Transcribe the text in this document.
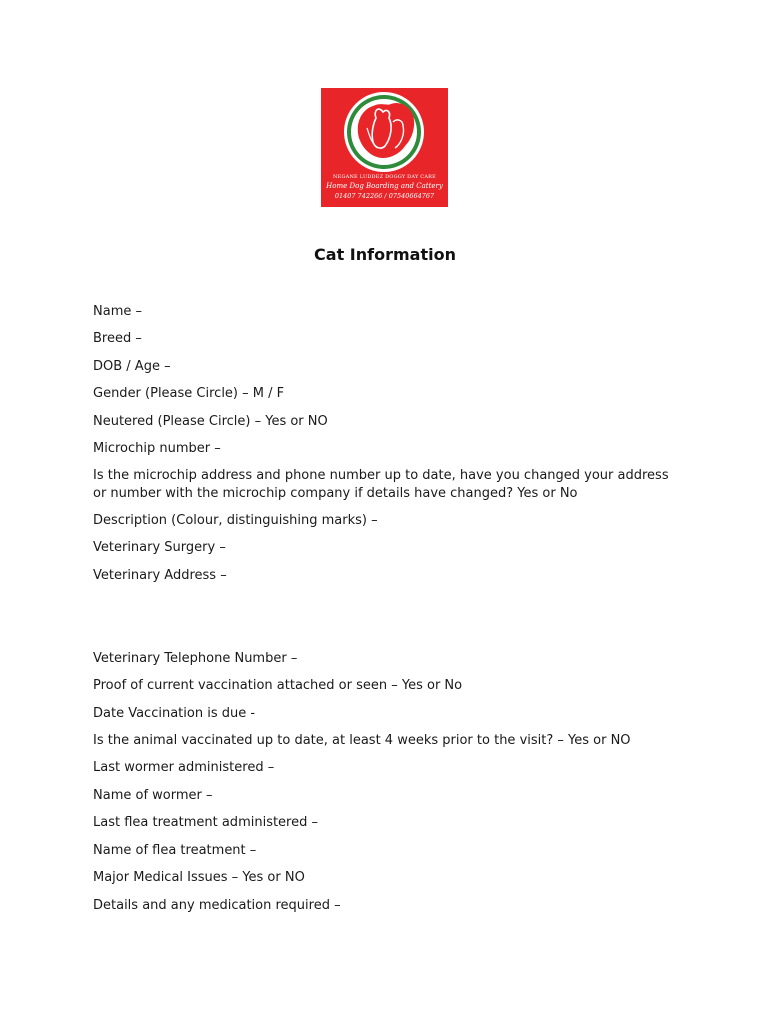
NEGANE LUDDEZ DOGGY DAY CARE
Home Dog Boarding and Cattery
01407 742266 / 07540664767
Cat Information
Name –
Breed –
DOB / Age –
Gender (Please Circle) – M / F
Neutered (Please Circle) – Yes or NO
Microchip number –
Is the microchip address and phone number up to date, have you changed your address or number with the microchip company if details have changed? Yes or No
Description (Colour, distinguishing marks) –
Veterinary Surgery –
Veterinary Address –
Veterinary Telephone Number –
Proof of current vaccination attached or seen – Yes or No
Date Vaccination is due -
Is the animal vaccinated up to date, at least 4 weeks prior to the visit? – Yes or NO
Last wormer administered –
Name of wormer –
Last flea treatment administered –
Name of flea treatment –
Major Medical Issues – Yes or NO
Details and any medication required –
